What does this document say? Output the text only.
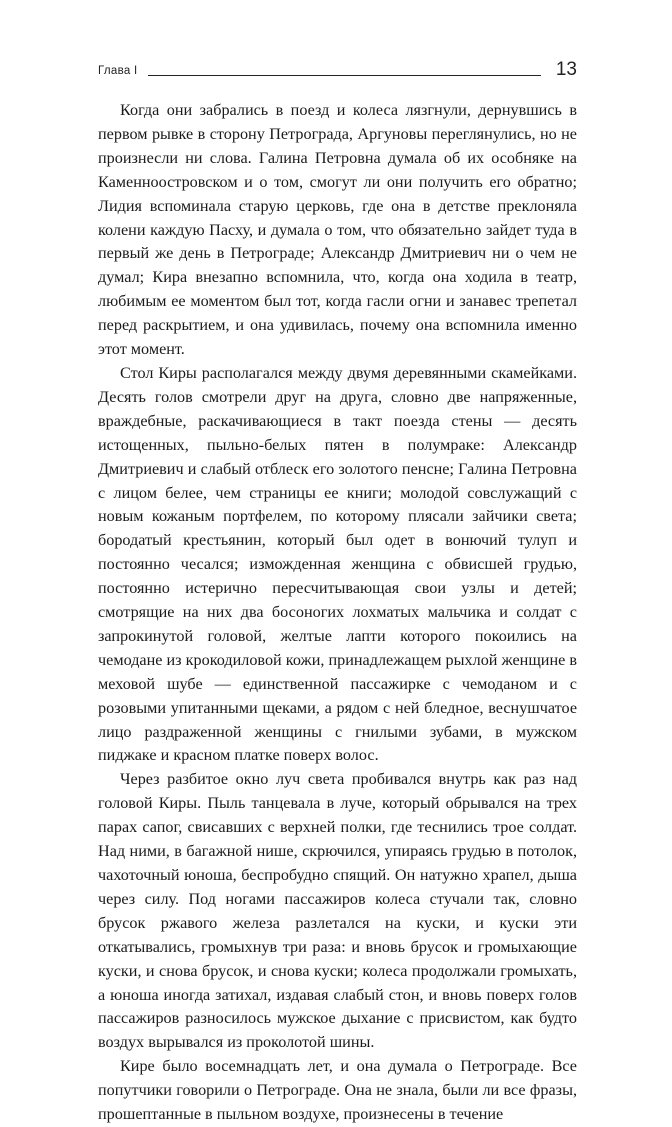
Глава I	13

Когда они забрались в поезд и колеса лязгнули, дернувшись в первом рывке в сторону Петрограда, Аргуновы переглянулись, но не произнесли ни слова. Галина Петровна думала об их особняке на Каменноостровском и о том, смогут ли они получить его обратно; Лидия вспоминала старую церковь, где она в детстве преклоняла колени каждую Пасху, и думала о том, что обязательно зайдет туда в первый же день в Петрограде; Александр Дмитриевич ни о чем не думал; Кира внезапно вспомнила, что, когда она ходила в театр, любимым ее моментом был тот, когда гасли огни и занавес трепетал перед раскрытием, и она удивилась, почему она вспомнила именно этот момент.

Стол Киры располагался между двумя деревянными скамейками. Десять голов смотрели друг на друга, словно две напряженные, враждебные, раскачивающиеся в такт поезда стены — десять истощенных, пыльно-белых пятен в полумраке: Александр Дмитриевич и слабый отблеск его золотого пенсне; Галина Петровна с лицом белее, чем страницы ее книги; молодой совслужащий с новым кожаным портфелем, по которому плясали зайчики света; бородатый крестьянин, который был одет в вонючий тулуп и постоянно чесался; изможденная женщина с обвисшей грудью, постоянно истерично пересчитывающая свои узлы и детей; смотрящие на них два босоногих лохматых мальчика и солдат с запрокинутой головой, желтые лапти которого покоились на чемодане из крокодиловой кожи, принадлежащем рыхлой женщине в меховой шубе — единственной пассажирке с чемоданом и с розовыми упитанными щеками, а рядом с ней бледное, веснушчатое лицо раздраженной женщины с гнилыми зубами, в мужском пиджаке и красном платке поверх волос.

Через разбитое окно луч света пробивался внутрь как раз над головой Киры. Пыль танцевала в луче, который обрывался на трех парах сапог, свисавших с верхней полки, где теснились трое солдат. Над ними, в багажной нише, скрючился, упираясь грудью в потолок, чахоточный юноша, беспробудно спящий. Он натужно храпел, дыша через силу. Под ногами пассажиров колеса стучали так, словно брусок ржавого железа разлетался на куски, и куски эти откатывались, громыхнув три раза: и вновь брусок и громыхающие куски, и снова брусок, и снова куски; колеса продолжали громыхать, а юноша иногда затихал, издавая слабый стон, и вновь поверх голов пассажиров разносилось мужское дыхание с присвистом, как будто воздух вырывался из проколотой шины.

Кире было восемнадцать лет, и она думала о Петрограде. Все попутчики говорили о Петрограде. Она не знала, были ли все фразы, прошептанные в пыльном воздухе, произнесены в течение
